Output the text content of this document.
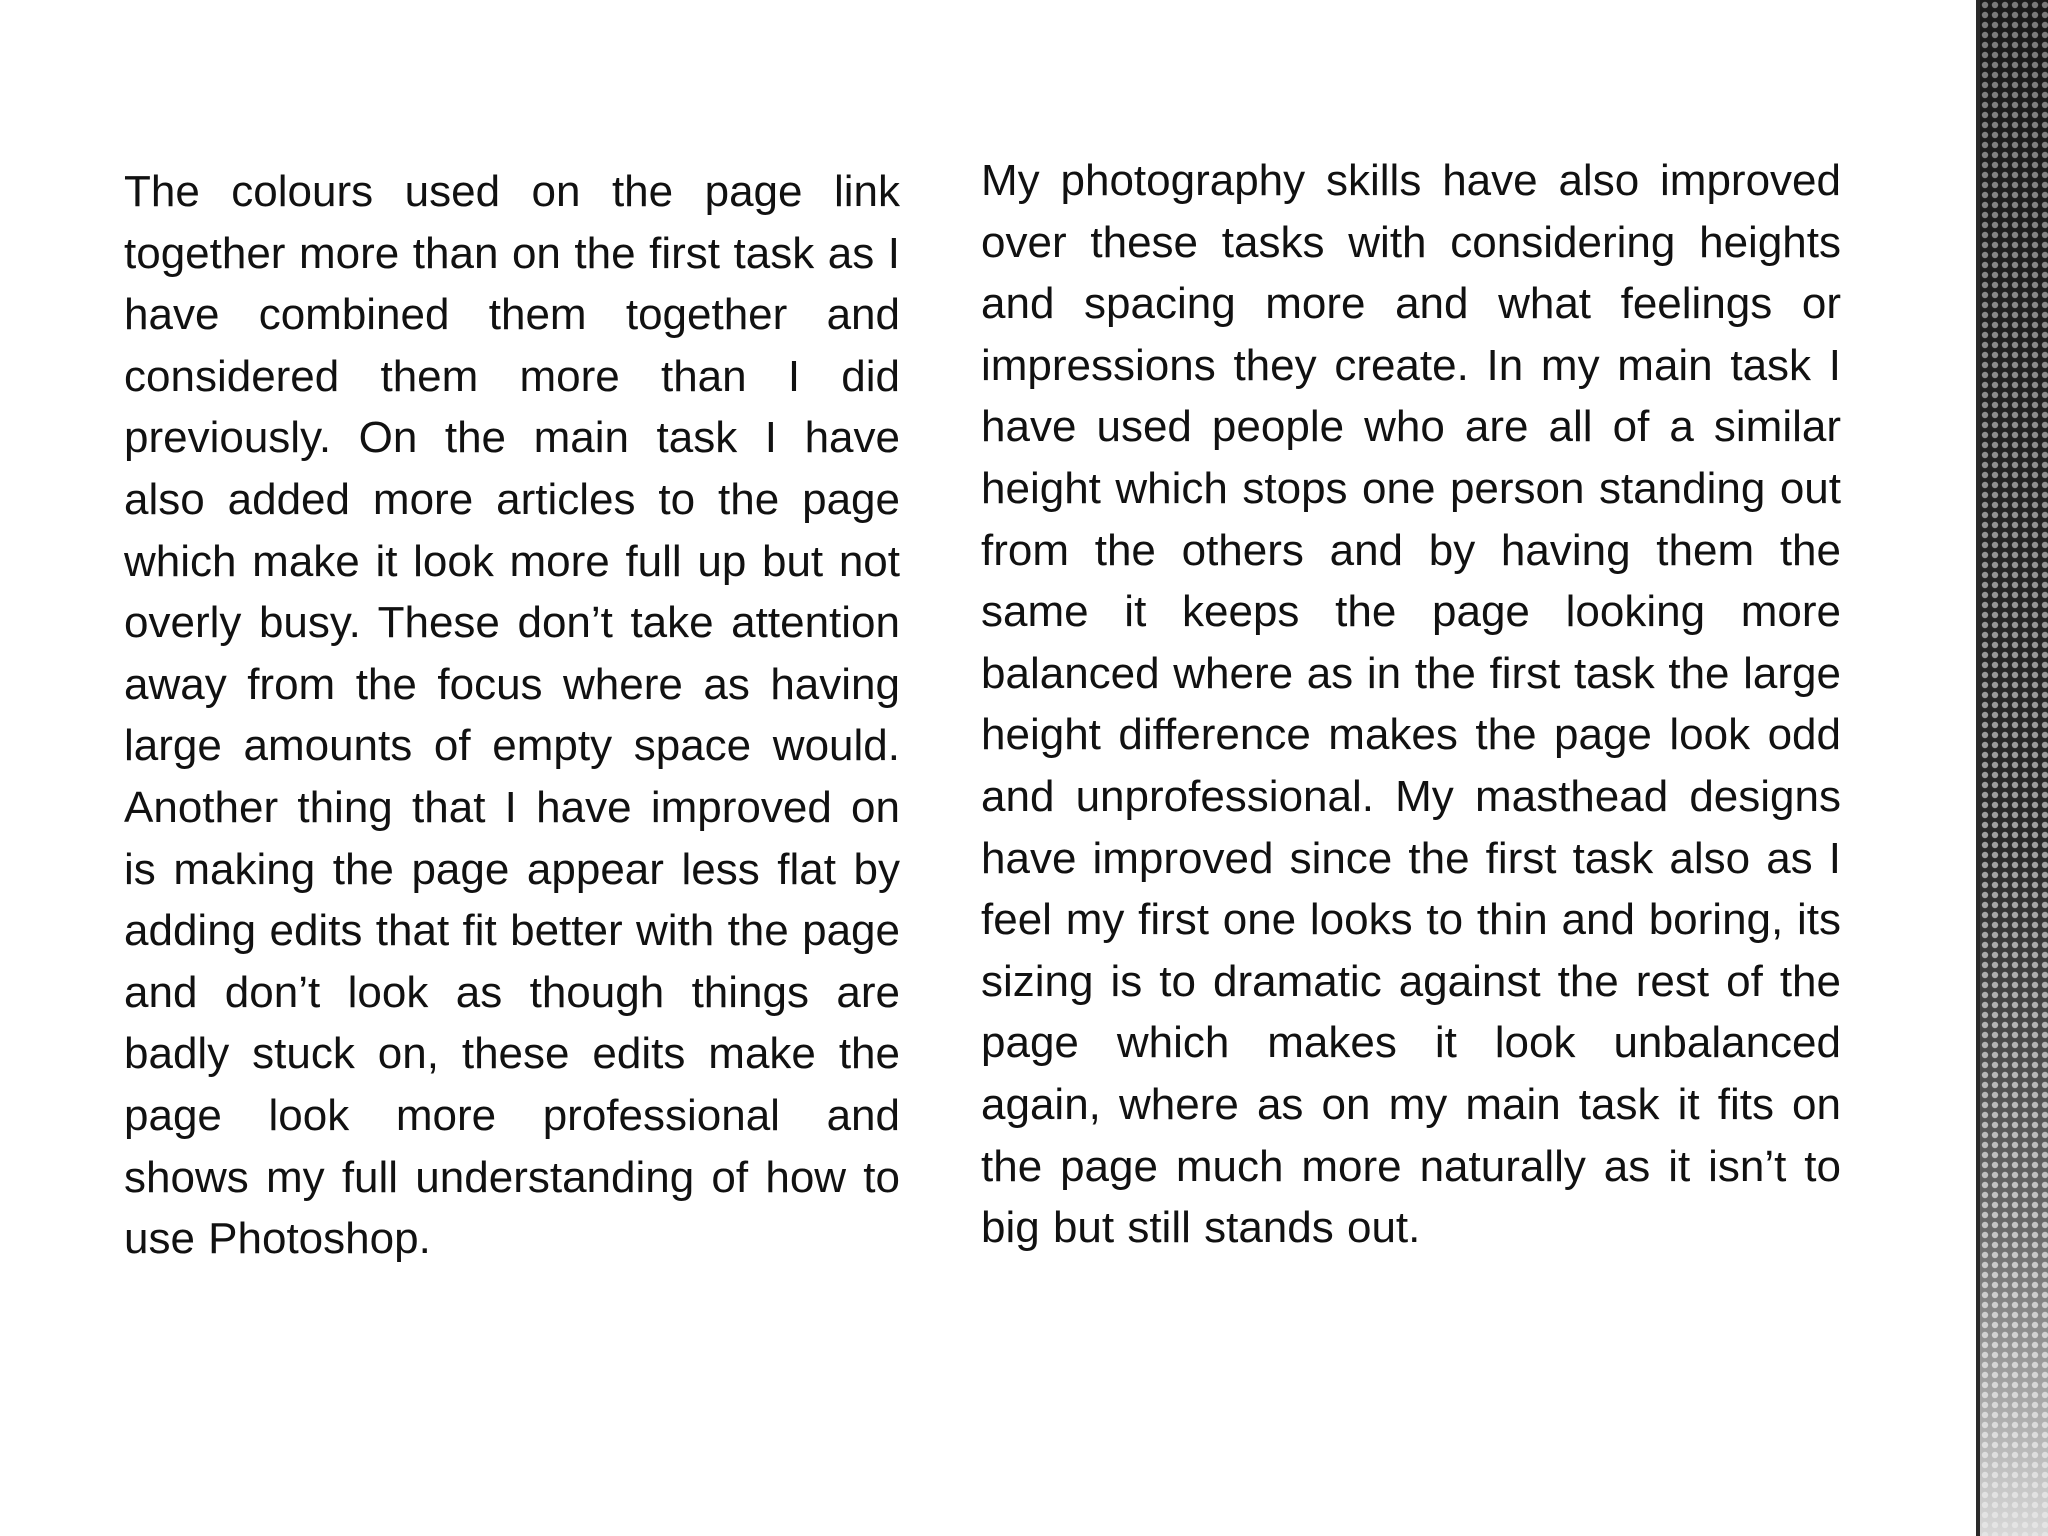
The colours used on the page link together more than on the first task as I have combined them together and considered them more than I did previously. On the main task I have also added more articles to the page which make it look more full up but not overly busy. These don’t take attention away from the focus where as having large amounts of empty space would. Another thing that I have improved on is making the page appear less flat by adding edits that fit better with the page and don’t look as though things are badly stuck on, these edits make the page look more professional and shows my full understanding of how to use Photoshop.

My photography skills have also improved over these tasks with considering heights and spacing more and what feelings or impressions they create. In my main task I have used people who are all of a similar height which stops one person standing out from the others and by having them the same it keeps the page looking more balanced where as in the first task the large height difference makes the page look odd and unprofessional. My masthead designs have improved since the first task also as I feel my first one looks to thin and boring, its sizing is to dramatic against the rest of the page which makes it look unbalanced again, where as on my main task it fits on the page much more naturally as it isn’t to big but still stands out.
